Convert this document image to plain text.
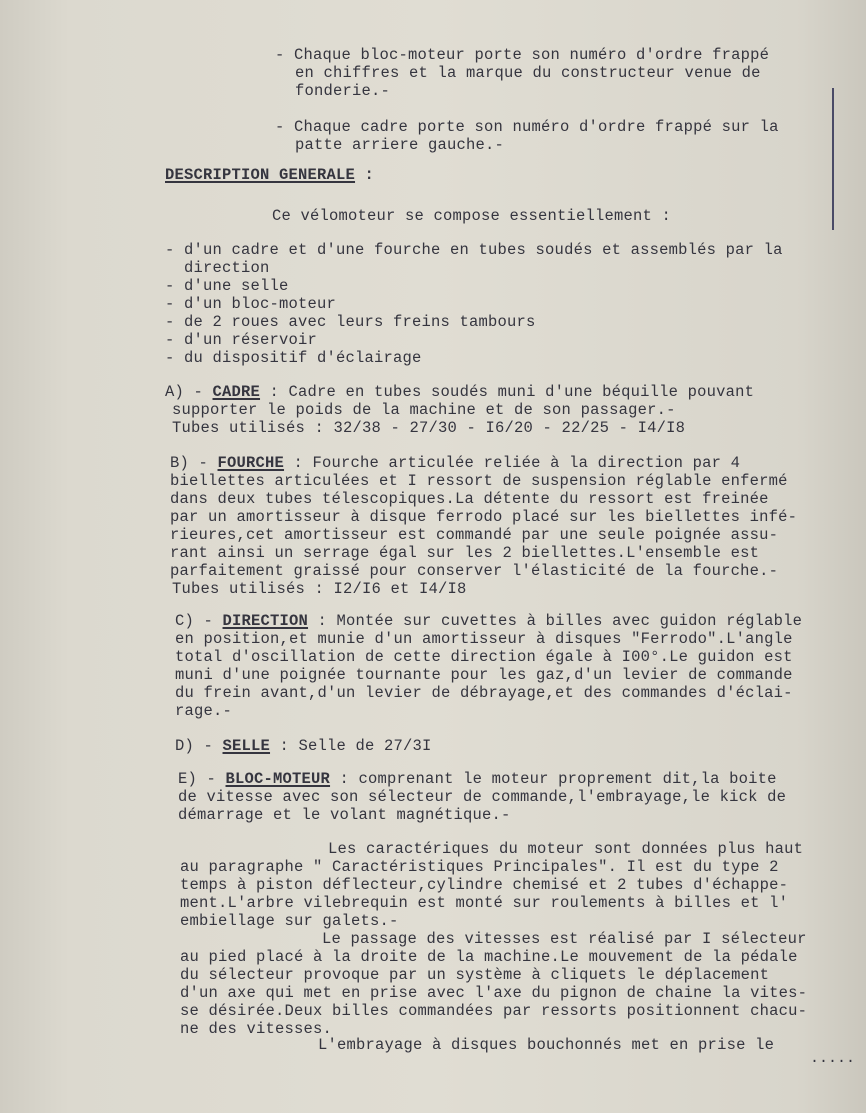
- Chaque bloc-moteur porte son numéro d'ordre frappé
en chiffres et la marque du constructeur venue de
fonderie.-
- Chaque cadre porte son numéro d'ordre frappé sur la
patte arriere gauche.-
DESCRIPTION GENERALE :
Ce vélomoteur se compose essentiellement :
- d'un cadre et d'une fourche en tubes soudés et assemblés par la
direction
- d'une selle
- d'un bloc-moteur
- de 2 roues avec leurs freins tambours
- d'un réservoir
- du dispositif d'éclairage
A) - CADRE : Cadre en tubes soudés muni d'une béquille pouvant
supporter le poids de la machine et de son passager.-
Tubes utilisés : 32/38 - 27/30 - I6/20 - 22/25 - I4/I8
B) - FOURCHE : Fourche articulée reliée à la direction par 4
biellettes articulées et I ressort de suspension réglable enfermé
dans deux tubes télescopiques.La détente du ressort est freinée
par un amortisseur à disque ferrodo placé sur les biellettes infé-
rieures,cet amortisseur est commandé par une seule poignée assu-
rant ainsi un serrage égal sur les 2 biellettes.L'ensemble est
parfaitement graissé pour conserver l'élasticité de la fourche.-
Tubes utilisés : I2/I6 et I4/I8
C) - DIRECTION : Montée sur cuvettes à billes avec guidon réglable
en position,et munie d'un amortisseur à disques "Ferrodo".L'angle
total d'oscillation de cette direction égale à I00°.Le guidon est
muni d'une poignée tournante pour les gaz,d'un levier de commande
du frein avant,d'un levier de débrayage,et des commandes d'éclai-
rage.-
D) - SELLE : Selle de 27/3I
E) - BLOC-MOTEUR : comprenant le moteur proprement dit,la boite
de vitesse avec son sélecteur de commande,l'embrayage,le kick de
démarrage et le volant magnétique.-
Les caractériques du moteur sont données plus haut
au paragraphe " Caractéristiques Principales". Il est du type 2
temps à piston déflecteur,cylindre chemisé et 2 tubes d'échappe-
ment.L'arbre vilebrequin est monté sur roulements à billes et l'
embiellage sur galets.-
Le passage des vitesses est réalisé par I sélecteur
au pied placé à la droite de la machine.Le mouvement de la pédale
du sélecteur provoque par un système à cliquets le déplacement
d'un axe qui met en prise avec l'axe du pignon de chaine la vites-
se désirée.Deux billes commandées par ressorts positionnent chacu-
ne des vitesses.
L'embrayage à disques bouchonnés met en prise le
.....
